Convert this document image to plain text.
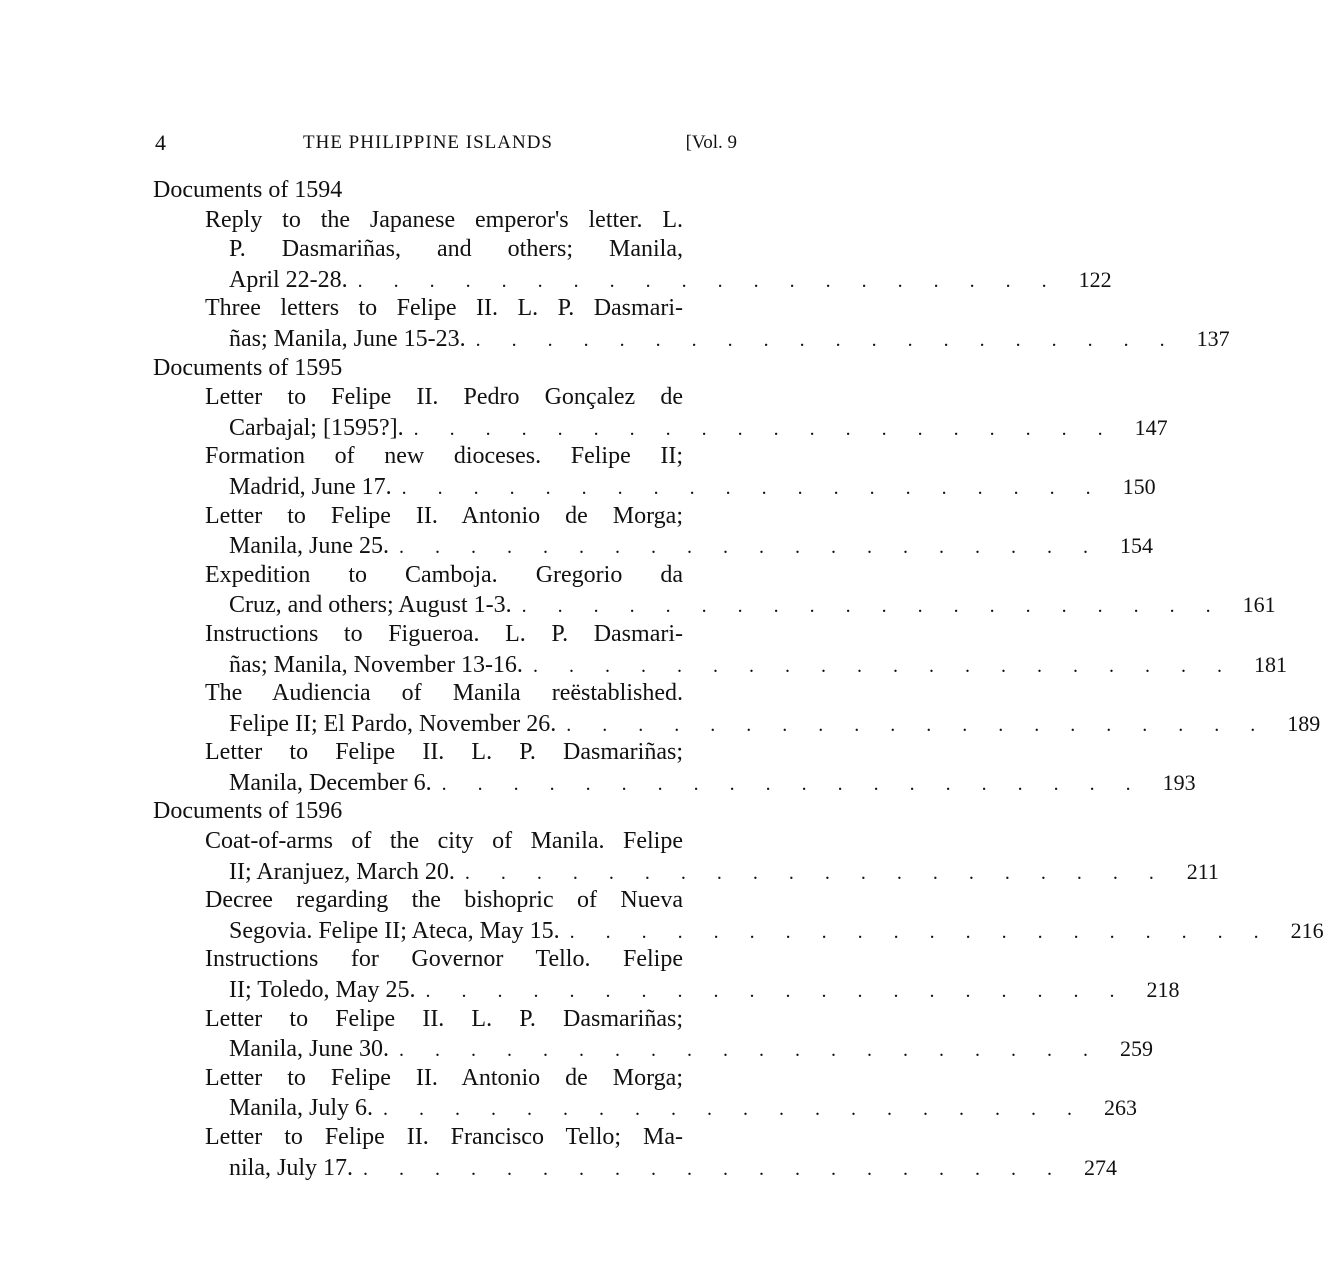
4	THE PHILIPPINE ISLANDS	[Vol. 9
Documents of 1594
Reply to the Japanese emperor's letter. L.
P. Dasmariñas, and others; Manila,
April 22-28. . . . . . . . . . . . . . . . . . . . . 122
Three letters to Felipe II. L. P. Dasmari-
ñas; Manila, June 15-23. . . . . . . . . . . . . . . . . . . . . 137
Documents of 1595
Letter to Felipe II. Pedro Gonçalez de
Carbajal; [1595?]. . . . . . . . . . . . . . . . . . . . . 147
Formation of new dioceses. Felipe II;
Madrid, June 17. . . . . . . . . . . . . . . . . . . . . 150
Letter to Felipe II. Antonio de Morga;
Manila, June 25. . . . . . . . . . . . . . . . . . . . . 154
Expedition to Camboja. Gregorio da
Cruz, and others; August 1-3. . . . . . . . . . . . . . . . . . . . . 161
Instructions to Figueroa. L. P. Dasmari-
ñas; Manila, November 13-16. . . . . . . . . . . . . . . . . . . . . 181
The Audiencia of Manila reëstablished.
Felipe II; El Pardo, November 26. . . . . . . . . . . . . . . . . . . . . 189
Letter to Felipe II. L. P. Dasmariñas;
Manila, December 6. . . . . . . . . . . . . . . . . . . . . 193
Documents of 1596
Coat-of-arms of the city of Manila. Felipe
II; Aranjuez, March 20. . . . . . . . . . . . . . . . . . . . . 211
Decree regarding the bishopric of Nueva
Segovia. Felipe II; Ateca, May 15. . . . . . . . . . . . . . . . . . . . . 216
Instructions for Governor Tello. Felipe
II; Toledo, May 25. . . . . . . . . . . . . . . . . . . . . 218
Letter to Felipe II. L. P. Dasmariñas;
Manila, June 30. . . . . . . . . . . . . . . . . . . . . 259
Letter to Felipe II. Antonio de Morga;
Manila, July 6. . . . . . . . . . . . . . . . . . . . . 263
Letter to Felipe II. Francisco Tello; Ma-
nila, July 17. . . . . . . . . . . . . . . . . . . . . 274
